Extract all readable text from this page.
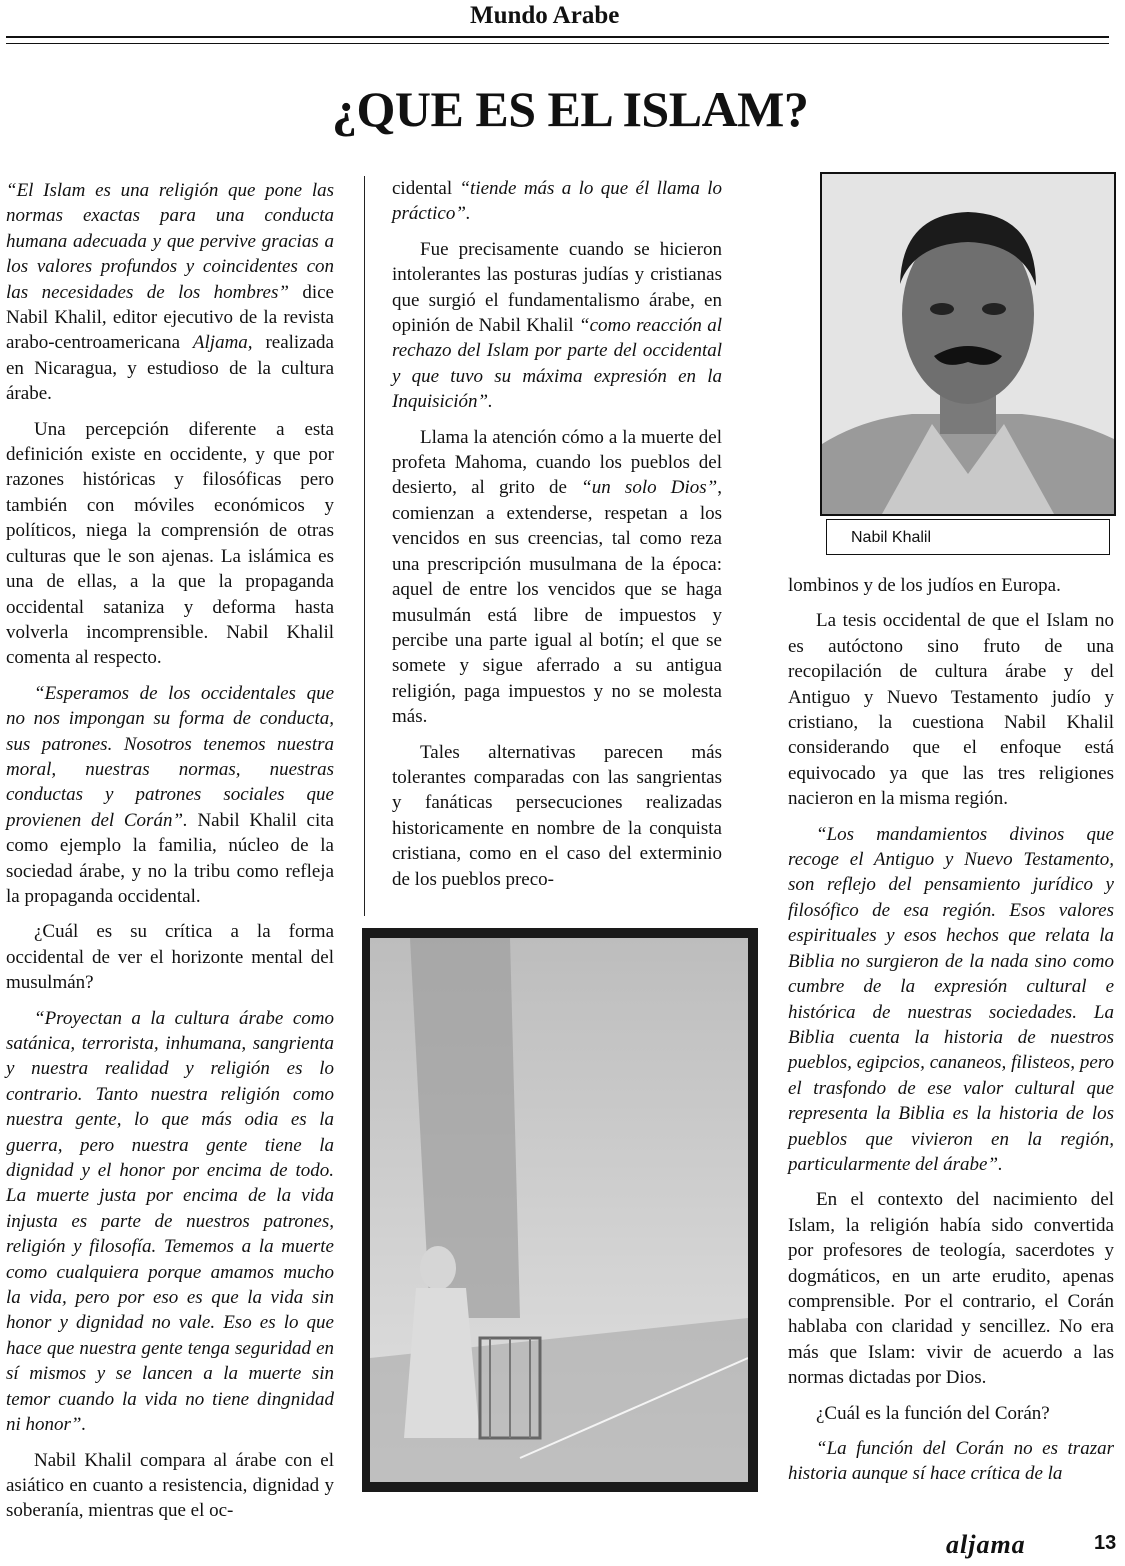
Mundo Arabe
¿QUE ES EL ISLAM?

“El Islam es una religión que pone las normas exactas para una conducta humana adecuada y que pervive gracias a los valores profundos y coincidentes con las necesidades de los hombres” dice Nabil Khalil, editor ejecutivo de la revista arabo-centroamericana Aljama, realizada en Nicaragua, y estudioso de la cultura árabe.

Una percepción diferente a esta definición existe en occidente, y que por razones históricas y filosóficas pero también con móviles económicos y políticos, niega la comprensión de otras culturas que le son ajenas. La islámica es una de ellas, a la que la propaganda occidental sataniza y deforma hasta volverla incomprensible. Nabil Khalil comenta al respecto.

“Esperamos de los occidentales que no nos impongan su forma de conducta, sus patrones. Nosotros tenemos nuestra moral, nuestras normas, nuestras conductas y patrones sociales que provienen del Corán”. Nabil Khalil cita como ejemplo la familia, núcleo de la sociedad árabe, y no la tribu como refleja la propaganda occidental.

¿Cuál es su crítica a la forma occidental de ver el horizonte mental del musulmán?

“Proyectan a la cultura árabe como satánica, terrorista, inhumana, sangrienta y nuestra realidad y religión es lo contrario. Tanto nuestra religión como nuestra gente, lo que más odia es la guerra, pero nuestra gente tiene la dignidad y el honor por encima de todo. La muerte justa por encima de la vida injusta es parte de nuestros patrones, religión y filosofía. Tememos a la muerte como cualquiera porque amamos mucho la vida, pero por eso es que la vida sin honor y dignidad no vale. Eso es lo que hace que nuestra gente tenga seguridad en sí mismos y se lancen a la muerte sin temor cuando la vida no tiene dingnidad ni honor”.

Nabil Khalil compara al árabe con el asiático en cuanto a resistencia, dignidad y soberanía, mientras que el oc-

cidental “tiende más a lo que él llama lo práctico”.

Fue precisamente cuando se hicieron intolerantes las posturas judías y cristianas que surgió el fundamentalismo árabe, en opinión de Nabil Khalil “como reacción al rechazo del Islam por parte del occidental y que tuvo su máxima expresión en la Inquisición”.

Llama la atención cómo a la muerte del profeta Mahoma, cuando los pueblos del desierto, al grito de “un solo Dios”, comienzan a extenderse, respetan a los vencidos en sus creencias, tal como reza una prescripción musulmana de la época: aquel de entre los vencidos que se haga musulmán está libre de impuestos y percibe una parte igual al botín; el que se somete y sigue aferrado a su antigua religión, paga impuestos y no se molesta más.

Tales alternativas parecen más tolerantes comparadas con las sangrientas y fanáticas persecuciones realizadas historicamente en nombre de la conquista cristiana, como en el caso del exterminio de los pueblos preco-

Nabil Khalil

lombinos y de los judíos en Europa.

La tesis occidental de que el Islam no es autóctono sino fruto de una recopilación de cultura árabe y del Antiguo y Nuevo Testamento judío y cristiano, la cuestiona Nabil Khalil considerando que el enfoque está equivocado ya que las tres religiones nacieron en la misma región.

“Los mandamientos divinos que recoge el Antiguo y Nuevo Testamento, son reflejo del pensamiento jurídico y filosófico de esa región. Esos valores espirituales y esos hechos que relata la Biblia no surgieron de la nada sino como cumbre de la expresión cultural e histórica de nuestras sociedades. La Biblia cuenta la historia de nuestros pueblos, egipcios, cananeos, filisteos, pero el trasfondo de ese valor cultural que representa la Biblia es la historia de los pueblos que vivieron en la región, particularmente del árabe”.

En el contexto del nacimiento del Islam, la religión había sido convertida por profesores de teología, sacerdotes y dogmáticos, en un arte erudito, apenas comprensible. Por el contrario, el Corán hablaba con claridad y sencillez. No era más que Islam: vivir de acuerdo a las normas dictadas por Dios.

¿Cuál es la función del Corán?

“La función del Corán no es trazar historia aunque sí hace crítica de la

aljama	13
